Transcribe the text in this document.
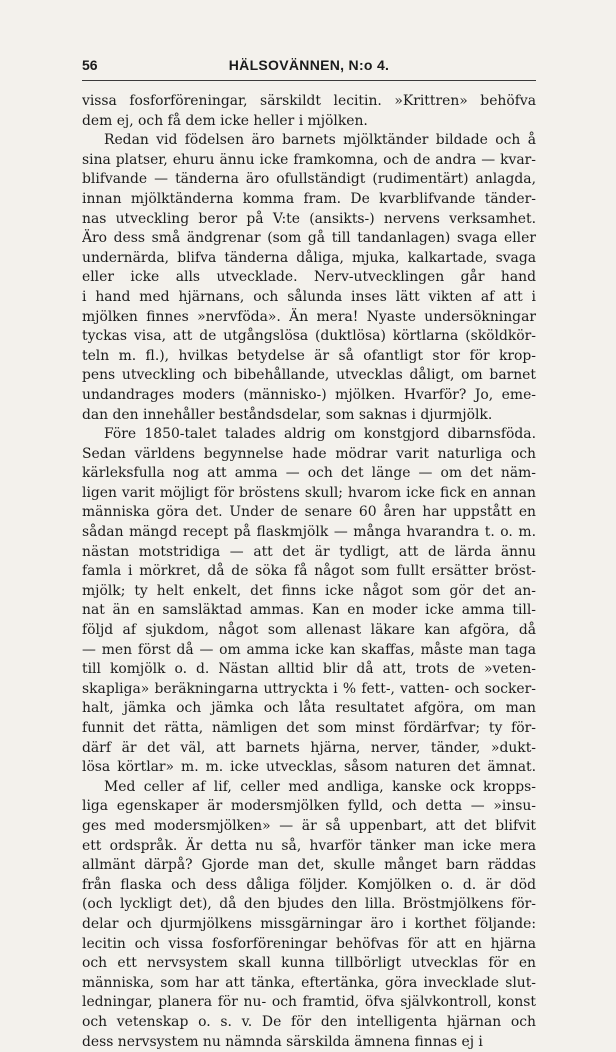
56	HÄLSOVÄNNEN, N:o 4.
vissa fosforföreningar, särskildt lecitin. »Krittren» behöfva
dem ej, och få dem icke heller i mjölken.
Redan vid födelsen äro barnets mjölktänder bildade och å
sina platser, ehuru ännu icke framkomna, och de andra — kvar-
blifvande — tänderna äro ofullständigt (rudimentärt) anlagda,
innan mjölktänderna komma fram. De kvarblifvande tänder-
nas utveckling beror på V:te (ansikts-) nervens verksamhet.
Äro dess små ändgrenar (som gå till tandanlagen) svaga eller
undernärda, blifva tänderna dåliga, mjuka, kalkartade, svaga
eller icke alls utvecklade. Nerv-utvecklingen går hand
i hand med hjärnans, och sålunda inses lätt vikten af att i
mjölken finnes »nervföda». Än mera! Nyaste undersökningar
tyckas visa, att de utgångslösa (duktlösa) körtlarna (sköldkör-
teln m. fl.), hvilkas betydelse är så ofantligt stor för krop-
pens utveckling och bibehållande, utvecklas dåligt, om barnet
undandrages moders (människo-) mjölken. Hvarför? Jo, eme-
dan den innehåller beståndsdelar, som saknas i djurmjölk.
Före 1850-talet talades aldrig om konstgjord dibarnsföda.
Sedan världens begynnelse hade mödrar varit naturliga och
kärleksfulla nog att amma — och det länge — om det näm-
ligen varit möjligt för bröstens skull; hvarom icke fick en annan
människa göra det. Under de senare 60 åren har uppstått en
sådan mängd recept på flaskmjölk — många hvarandra t. o. m.
nästan motstridiga — att det är tydligt, att de lärda ännu
famla i mörkret, då de söka få något som fullt ersätter bröst-
mjölk; ty helt enkelt, det finns icke något som gör det an-
nat än en samsläktad ammas. Kan en moder icke amma till-
följd af sjukdom, något som allenast läkare kan afgöra, då
— men först då — om amma icke kan skaffas, måste man taga
till komjölk o. d. Nästan alltid blir då att, trots de »veten-
skapliga» beräkningarna uttryckta i % fett-, vatten- och socker-
halt, jämka och jämka och låta resultatet afgöra, om man
funnit det rätta, nämligen det som minst fördärfvar; ty för-
därf är det väl, att barnets hjärna, nerver, tänder, »dukt-
lösa körtlar» m. m. icke utvecklas, såsom naturen det ämnat.
Med celler af lif, celler med andliga, kanske ock kropps-
liga egenskaper är modersmjölken fylld, och detta — »insu-
ges med modersmjölken» — är så uppenbart, att det blifvit
ett ordspråk. Är detta nu så, hvarför tänker man icke mera
allmänt därpå? Gjorde man det, skulle månget barn räddas
från flaska och dess dåliga följder. Komjölken o. d. är död
(och lyckligt det), då den bjudes den lilla. Bröstmjölkens för-
delar och djurmjölkens missgärningar äro i korthet följande:
lecitin och vissa fosforföreningar behöfvas för att en hjärna
och ett nervsystem skall kunna tillbörligt utvecklas för en
människa, som har att tänka, eftertänka, göra invecklade slut-
ledningar, planera för nu- och framtid, öfva självkontroll, konst
och vetenskap o. s. v. De för den intelligenta hjärnan och
dess nervsystem nu nämnda särskilda ämnena finnas ej i
